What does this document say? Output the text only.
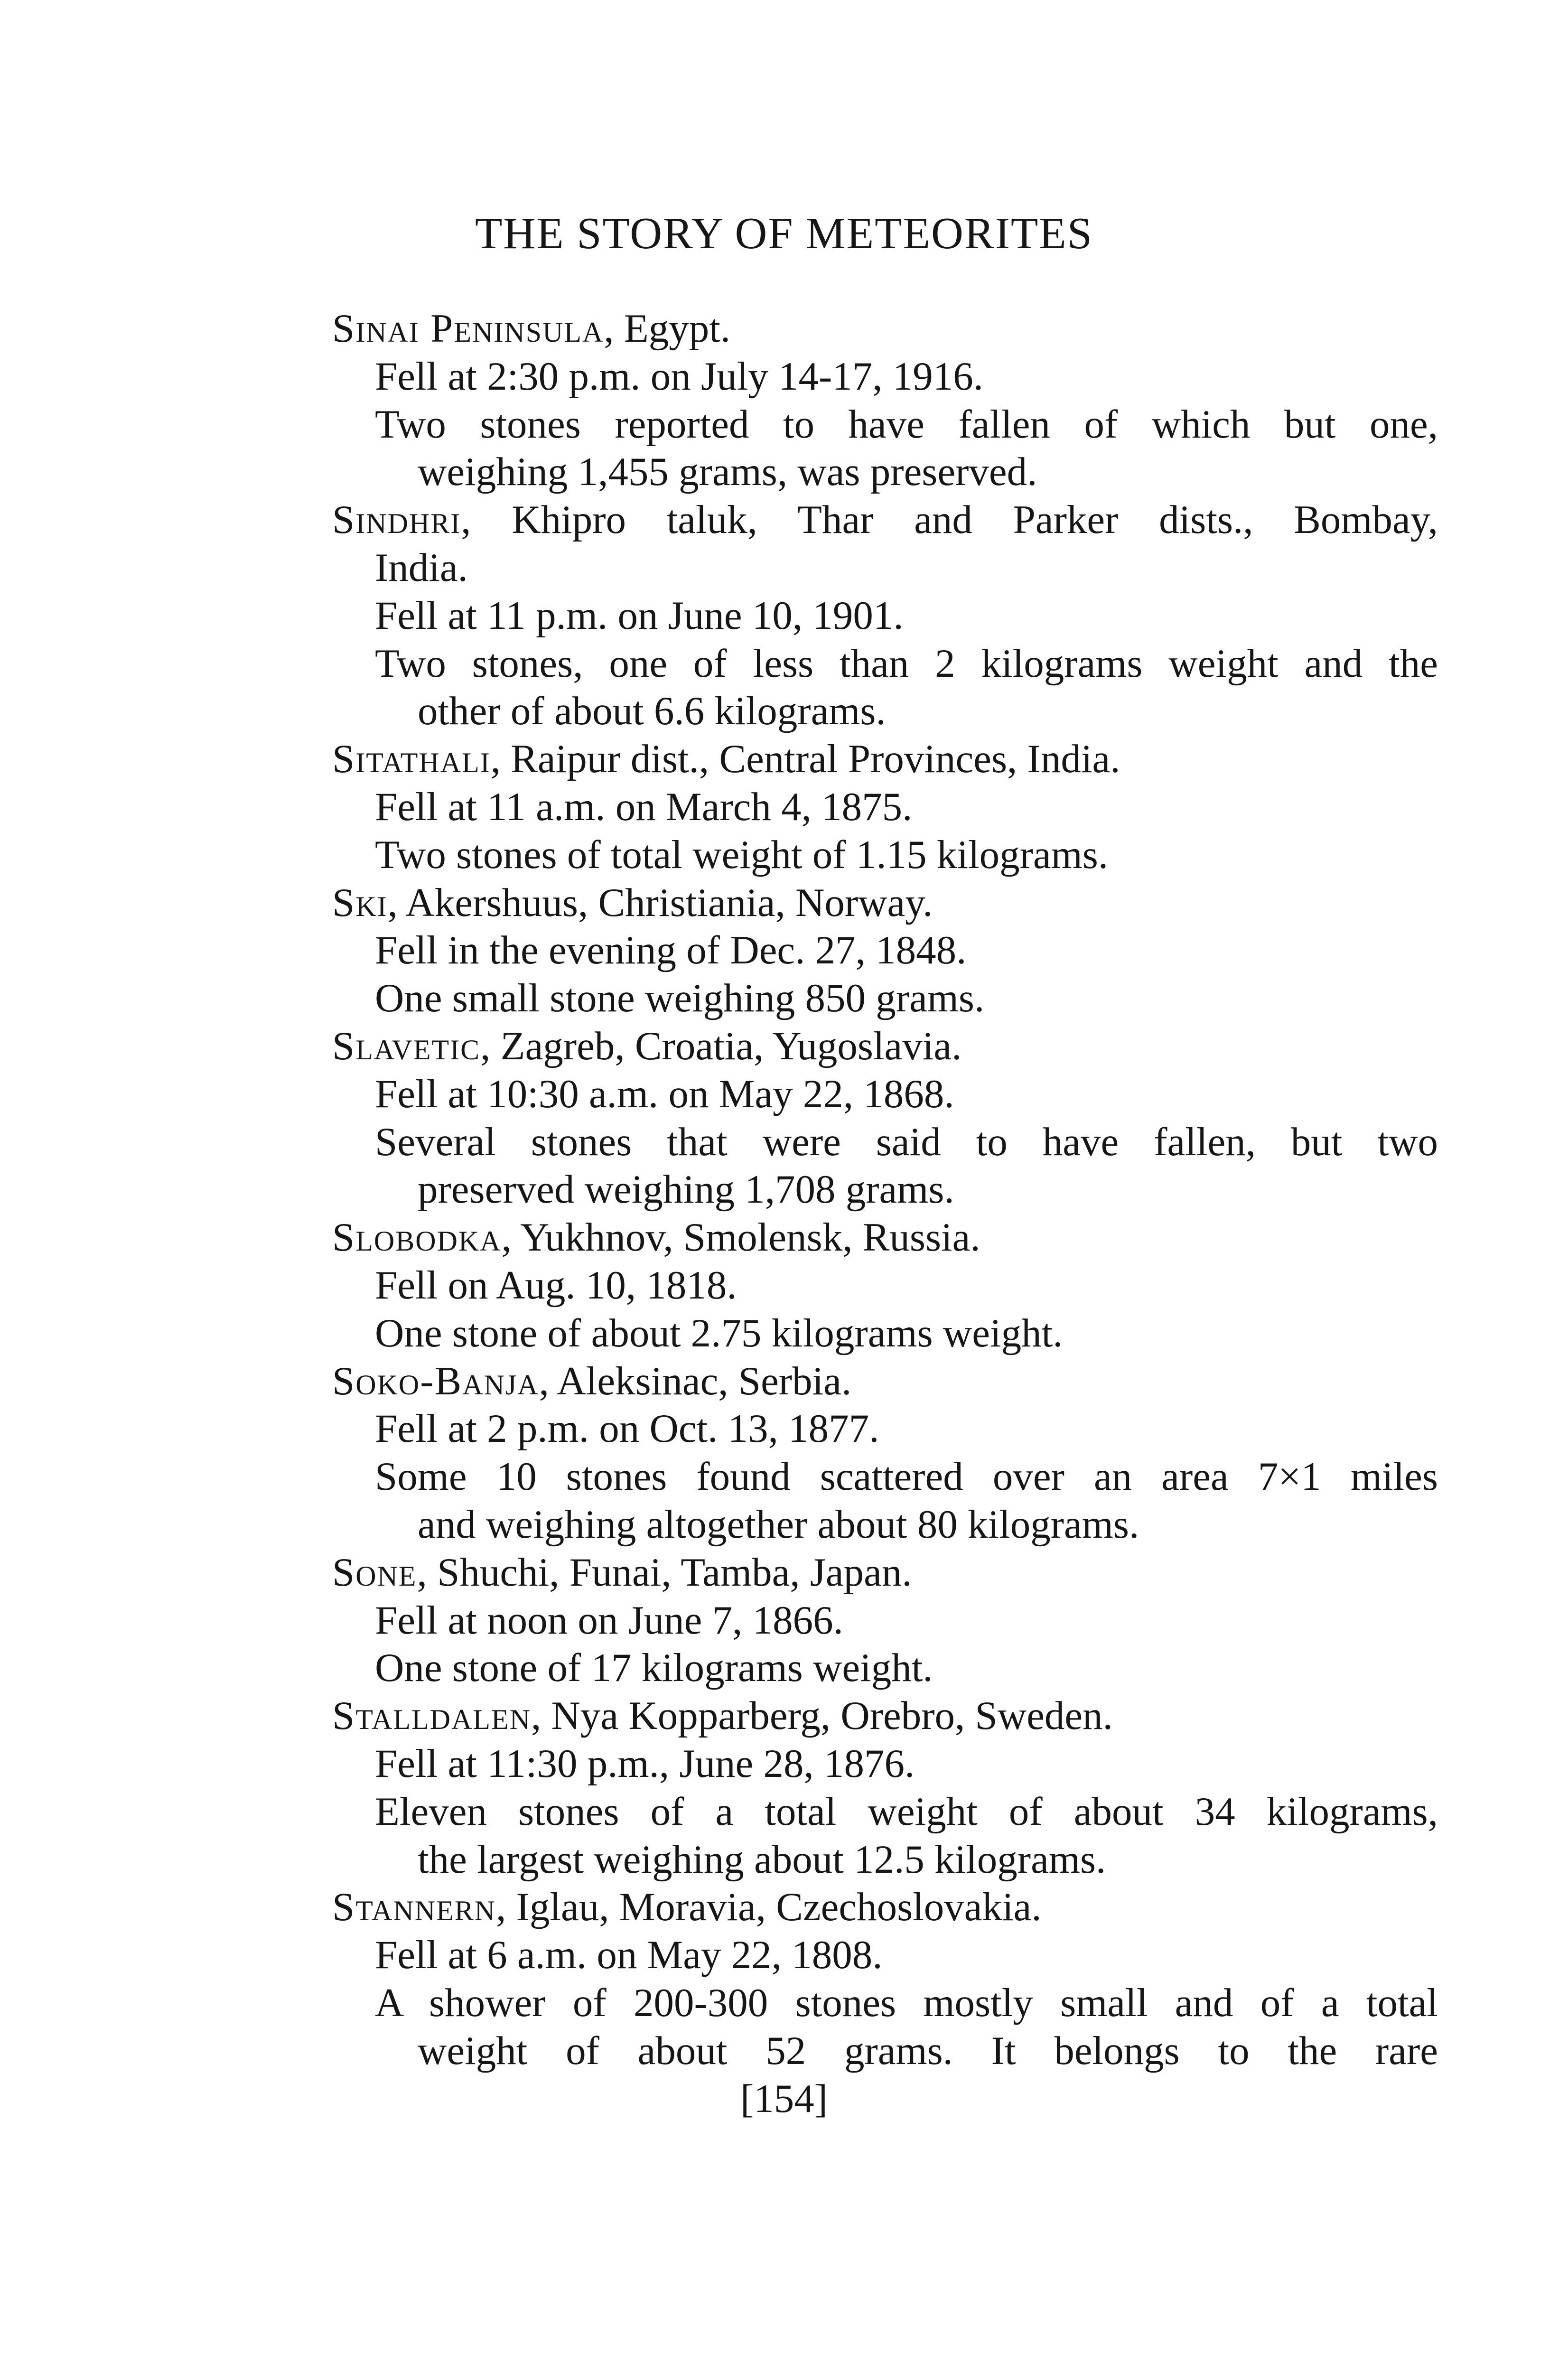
THE STORY OF METEORITES
Sinai Peninsula, Egypt.
Fell at 2:30 p.m. on July 14-17, 1916.
Two stones reported to have fallen of which but one,
weighing 1,455 grams, was preserved.
Sindhri, Khipro taluk, Thar and Parker dists., Bombay,
India.
Fell at 11 p.m. on June 10, 1901.
Two stones, one of less than 2 kilograms weight and the
other of about 6.6 kilograms.
Sitathali, Raipur dist., Central Provinces, India.
Fell at 11 a.m. on March 4, 1875.
Two stones of total weight of 1.15 kilograms.
Ski, Akershuus, Christiania, Norway.
Fell in the evening of Dec. 27, 1848.
One small stone weighing 850 grams.
Slavetic, Zagreb, Croatia, Yugoslavia.
Fell at 10:30 a.m. on May 22, 1868.
Several stones that were said to have fallen, but two
preserved weighing 1,708 grams.
Slobodka, Yukhnov, Smolensk, Russia.
Fell on Aug. 10, 1818.
One stone of about 2.75 kilograms weight.
Soko-Banja, Aleksinac, Serbia.
Fell at 2 p.m. on Oct. 13, 1877.
Some 10 stones found scattered over an area 7×1 miles
and weighing altogether about 80 kilograms.
Sone, Shuchi, Funai, Tamba, Japan.
Fell at noon on June 7, 1866.
One stone of 17 kilograms weight.
Stalldalen, Nya Kopparberg, Orebro, Sweden.
Fell at 11:30 p.m., June 28, 1876.
Eleven stones of a total weight of about 34 kilograms,
the largest weighing about 12.5 kilograms.
Stannern, Iglau, Moravia, Czechoslovakia.
Fell at 6 a.m. on May 22, 1808.
A shower of 200-300 stones mostly small and of a total
weight of about 52 grams. It belongs to the rare
[154]
